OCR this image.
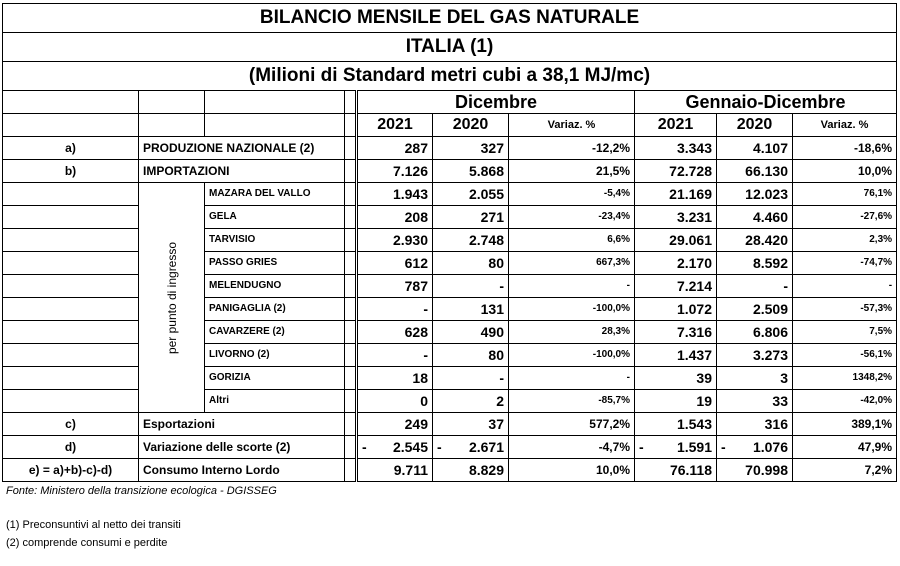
BILANCIO MENSILE DEL GAS NATURALE									
ITALIA (1)									
(Milioni di Standard metri cubi a 38,1 MJ/mc)									
				Dicembre			Gennaio-Dicembre		
				2021	2020	Variaz. %	2021	2020	Variaz. %
a)	PRODUZIONE NAZIONALE (2)			287	327	-12,2%	3.343	4.107	-18,6%
b)	IMPORTAZIONI			7.126	5.868	21,5%	72.728	66.130	10,0%

	per punto di ingresso	MAZARA DEL VALLO		1.943	2.055	-5,4%	21.169	12.023	76,1%
		GELA		208	271	-23,4%	3.231	4.460	-27,6%
		TARVISIO		2.930	2.748	6,6%	29.061	28.420	2,3%
		PASSO GRIES		612	80	667,3%	2.170	8.592	-74,7%
		MELENDUGNO		787	-	-	7.214	-	-
		PANIGAGLIA (2)		-	131	-100,0%	1.072	2.509	-57,3%
		CAVARZERE (2)		628	490	28,3%	7.316	6.806	7,5%
		LIVORNO (2)		-	80	-100,0%	1.437	3.273	-56,1%
		GORIZIA		18	-	-	39	3	1348,2%
		Altri		0	2	-85,7%	19	33	-42,0%
c)	Esportazioni			249	37	577,2%	1.543	316	389,1%
d)	Variazione delle scorte (2)			- 2.545	- 2.671	-4,7%	- 1.591	- 1.076	47,9%
e) = a)+b)-c)-d)	Consumo Interno Lordo			9.711	8.829	10,0%	76.118	70.998	7,2%
Fonte: Ministero della transizione ecologica - DGISSEG

(1) Preconsuntivi al netto dei transiti
(2) comprende consumi e perdite
